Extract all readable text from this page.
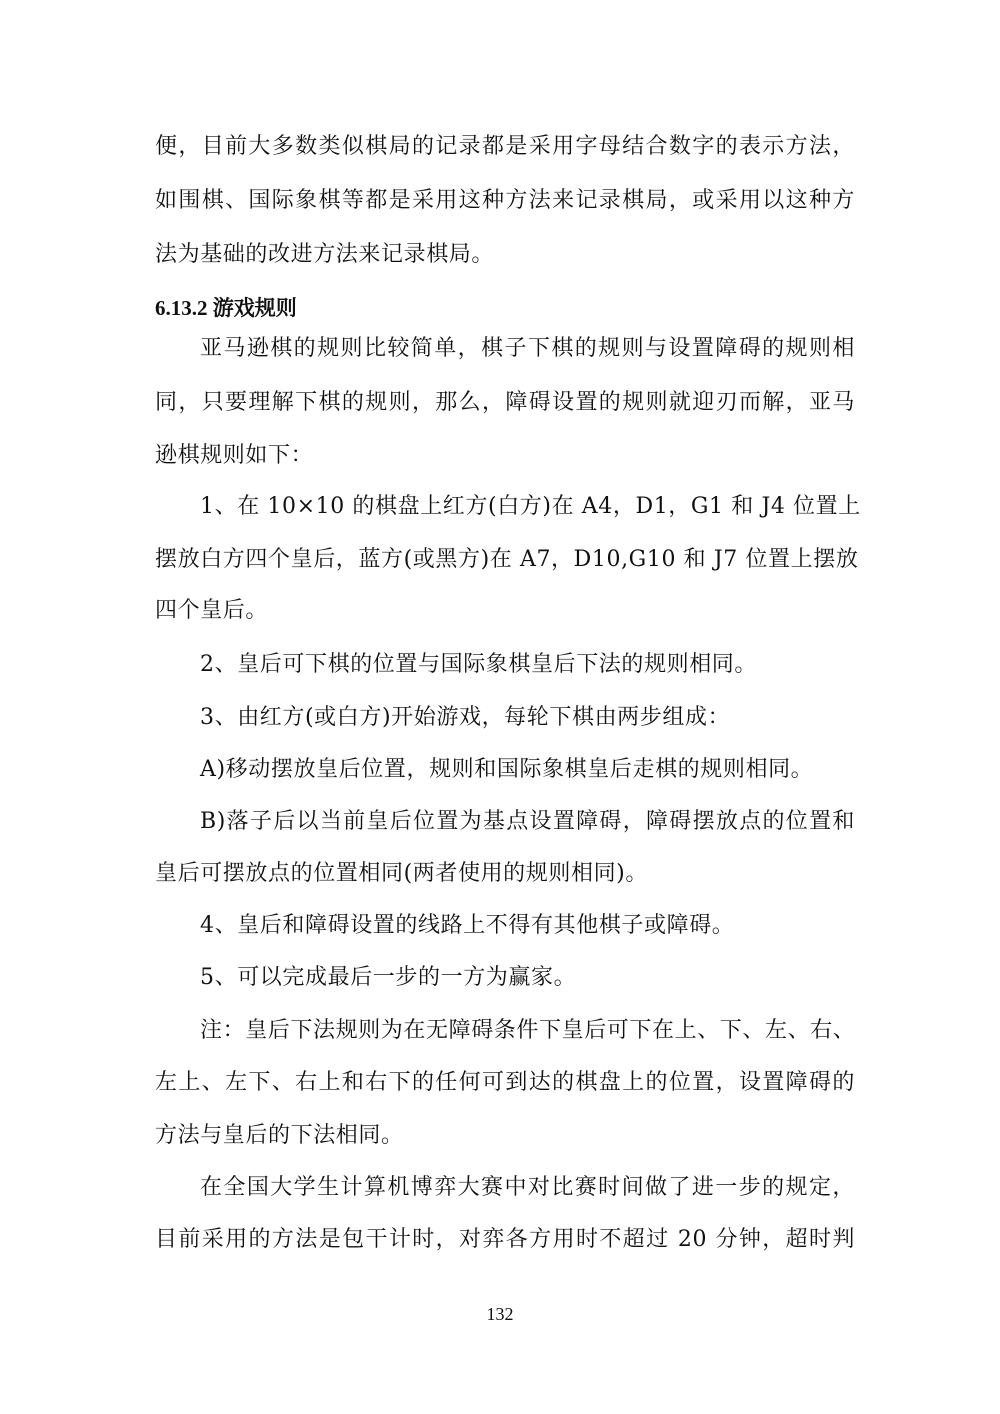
便，目前大多数类似棋局的记录都是采用字母结合数字的表示方法，
如围棋、国际象棋等都是采用这种方法来记录棋局，或采用以这种方
法为基础的改进方法来记录棋局。
6.13.2 游戏规则
亚马逊棋的规则比较简单，棋子下棋的规则与设置障碍的规则相
同，只要理解下棋的规则，那么，障碍设置的规则就迎刃而解，亚马
逊棋规则如下：
1、在 10×10 的棋盘上红方(白方)在 A4，D1，G1 和 J4 位置上
摆放白方四个皇后，蓝方(或黑方)在 A7，D10,G10 和 J7 位置上摆放
四个皇后。
2、皇后可下棋的位置与国际象棋皇后下法的规则相同。
3、由红方(或白方)开始游戏，每轮下棋由两步组成：
A)移动摆放皇后位置，规则和国际象棋皇后走棋的规则相同。
B)落子后以当前皇后位置为基点设置障碍，障碍摆放点的位置和
皇后可摆放点的位置相同(两者使用的规则相同)。
4、皇后和障碍设置的线路上不得有其他棋子或障碍。
5、可以完成最后一步的一方为赢家。
注：皇后下法规则为在无障碍条件下皇后可下在上、下、左、右、
左上、左下、右上和右下的任何可到达的棋盘上的位置，设置障碍的
方法与皇后的下法相同。
在全国大学生计算机博弈大赛中对比赛时间做了进一步的规定，
目前采用的方法是包干计时，对弈各方用时不超过 20 分钟，超时判
132
